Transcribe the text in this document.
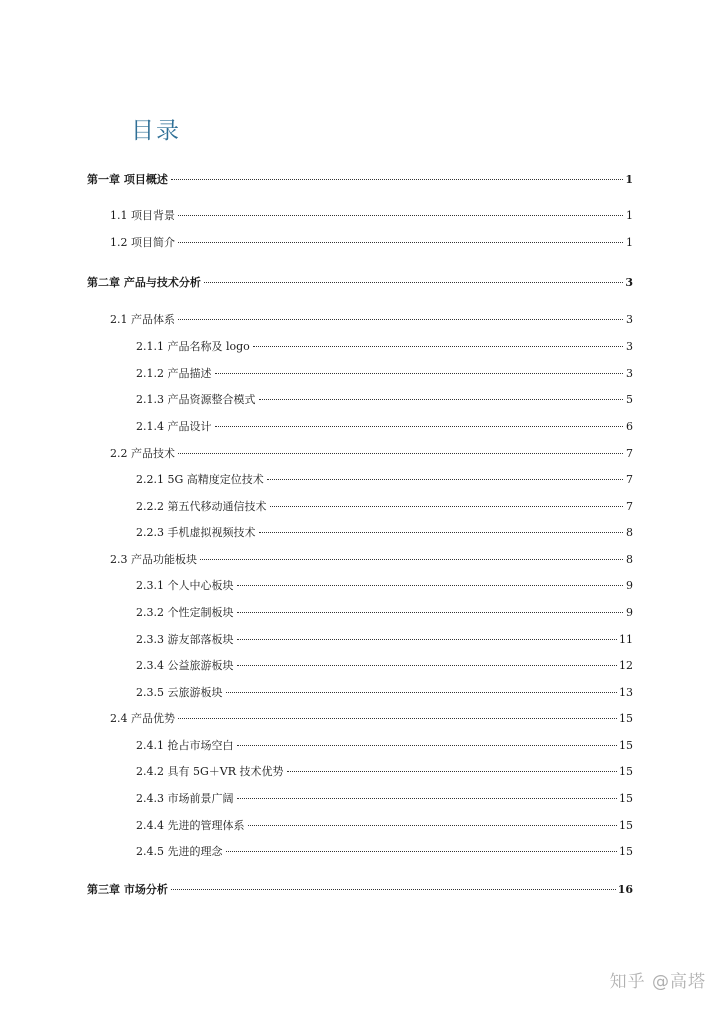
目录
第一章 项目概述	1
1.1 项目背景	1
1.2 项目简介	1
第二章 产品与技术分析	3
2.1 产品体系	3
2.1.1 产品名称及 logo	3
2.1.2 产品描述	3
2.1.3 产品资源整合模式	5
2.1.4 产品设计	6
2.2 产品技术	7
2.2.1 5G 高精度定位技术	7
2.2.2 第五代移动通信技术	7
2.2.3 手机虚拟视频技术	8
2.3 产品功能板块	8
2.3.1 个人中心板块	9
2.3.2 个性定制板块	9
2.3.3 游友部落板块	11
2.3.4 公益旅游板块	12
2.3.5 云旅游板块	13
2.4 产品优势	15
2.4.1 抢占市场空白	15
2.4.2 具有 5G＋VR 技术优势	15
2.4.3 市场前景广阔	15
2.4.4 先进的管理体系	15
2.4.5 先进的理念	15
第三章 市场分析	16
知乎 @高塔
